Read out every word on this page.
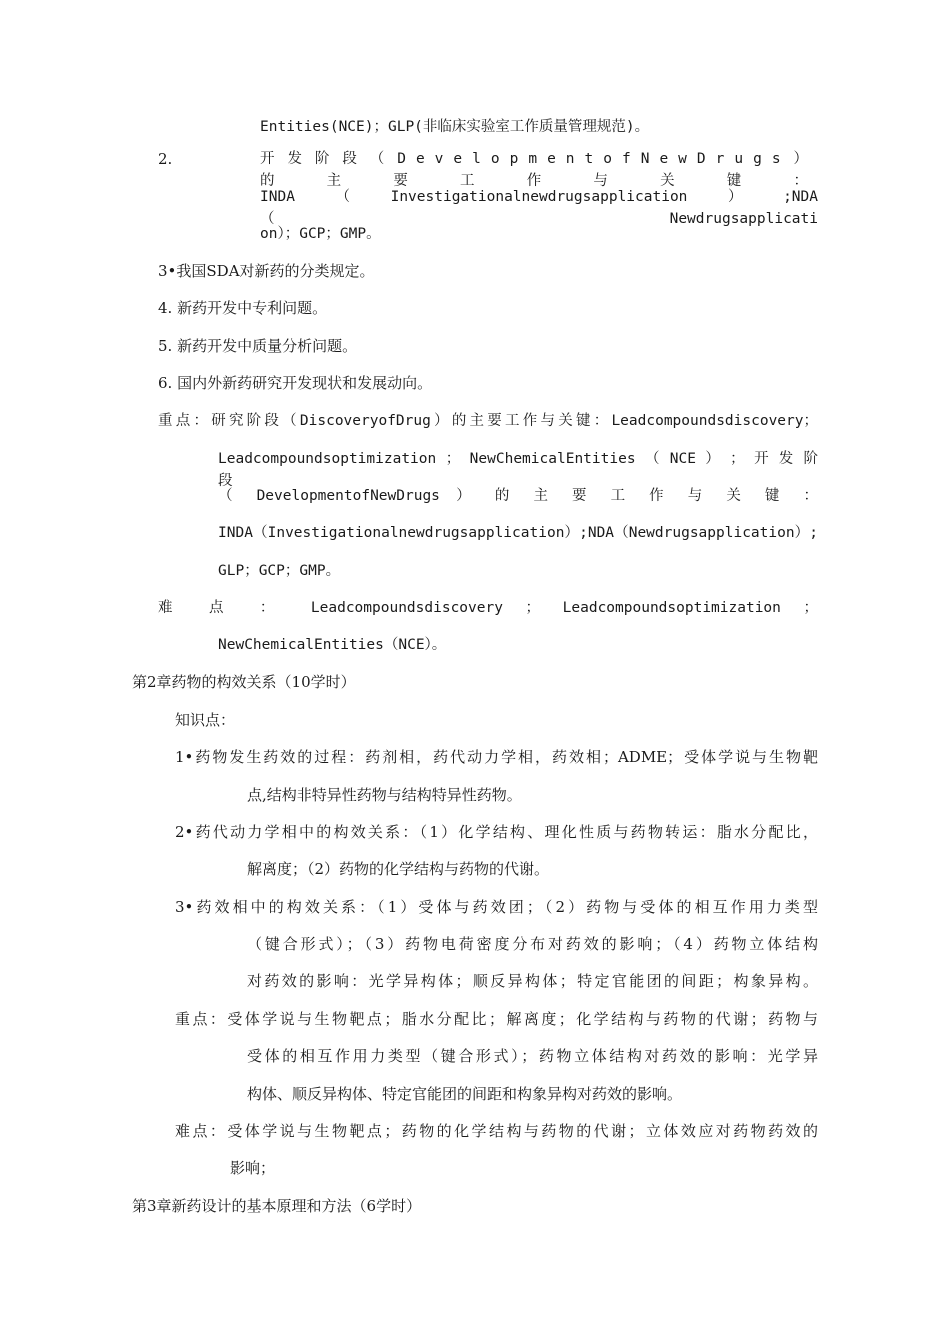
Entities(NCE)；GLP(非临床实验室工作质量管理规范)。
2.	开发阶段（DevelopmentofNewDrugs）的主要工作与关键：
INDA（Investigationalnewdrugsapplication）;NDA（Newdrugsapplicati
on）；GCP；GMP。
3•我国SDA对新药的分类规定。
4. 新药开发中专利问题。
5. 新药开发中质量分析问题。
6. 国内外新药研究开发现状和发展动向。
重点：研究阶段（DiscoveryofDrug）的主要工作与关键：Leadcompoundsdiscovery；
Leadcompoundsoptimization ； NewChemicalEntities （ NCE ） ； 开 发 阶 段
（ DevelopmentofNewDrugs ） 的 主 要 工 作 与 关 键 ：
INDA（Investigationalnewdrugsapplication）;NDA（Newdrugsapplication）;
GLP；GCP；GMP。
难 点 ： Leadcompoundsdiscovery ； Leadcompoundsoptimization ；
NewChemicalEntities（NCE）。
第2章药物的构效关系（10学时）
知识点：
1•药物发生药效的过程：药剂相，药代动力学相，药效相；ADME；受体学说与生物靶
点,结构非特异性药物与结构特异性药物。
2•药代动力学相中的构效关系：（1）化学结构、理化性质与药物转运：脂水分配比，
解离度；（2）药物的化学结构与药物的代谢。
3•药效相中的构效关系：（1）受体与药效团；（2）药物与受体的相互作用力类型
（键合形式）；（3）药物电荷密度分布对药效的影响；（4）药物立体结构
对药效的影响：光学异构体；顺反异构体；特定官能团的间距；构象异构。
重点：受体学说与生物靶点；脂水分配比；解离度；化学结构与药物的代谢；药物与
受体的相互作用力类型（键合形式）；药物立体结构对药效的影响：光学异
构体、顺反异构体、特定官能团的间距和构象异构对药效的影响。
难点：受体学说与生物靶点；药物的化学结构与药物的代谢；立体效应对药物药效的
影响；
第3章新药设计的基本原理和方法（6学时）
